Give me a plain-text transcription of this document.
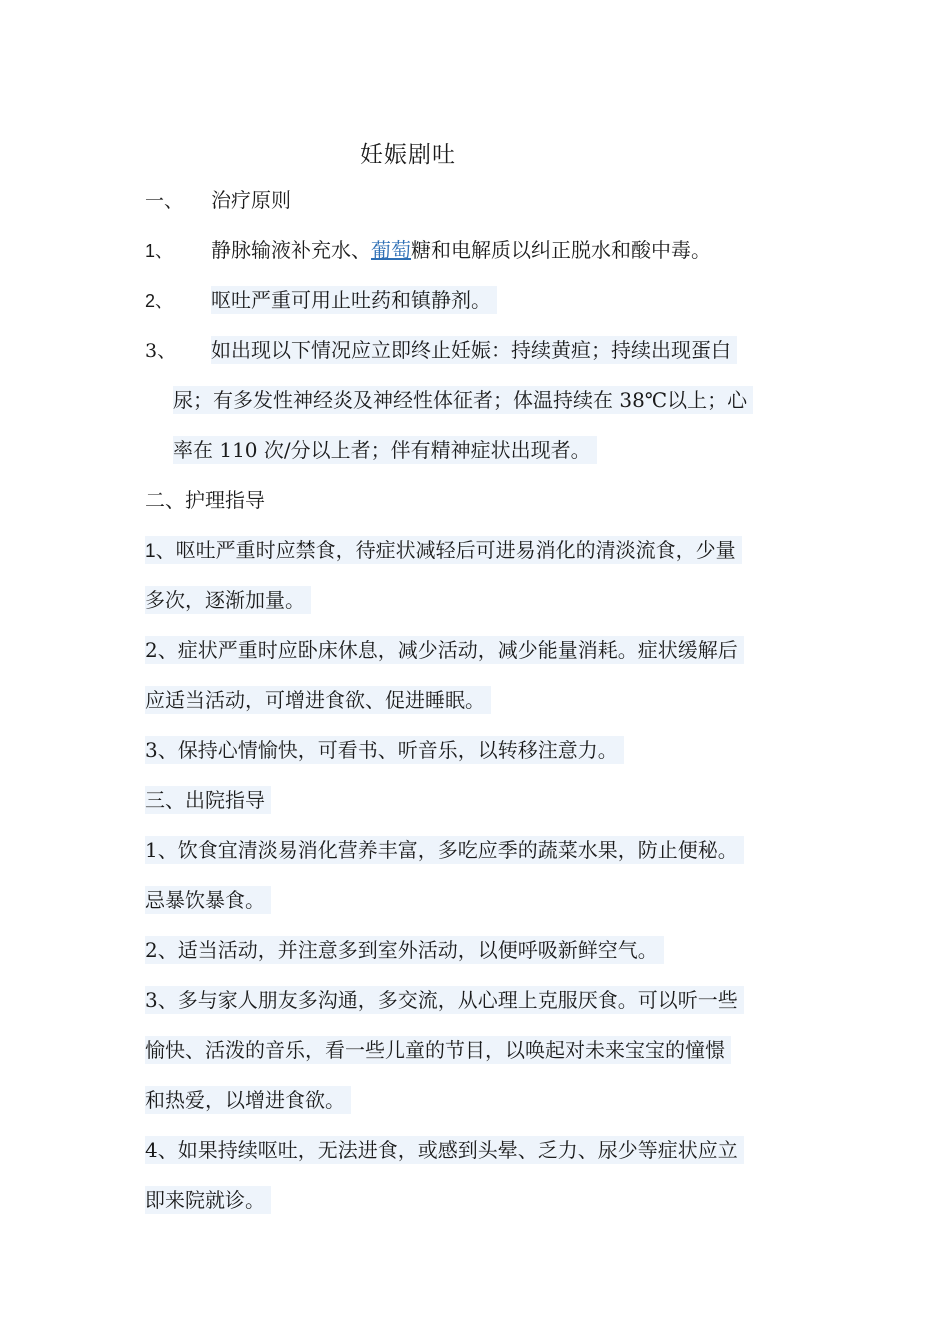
妊娠剧吐
一、 治疗原则
1、 静脉输液补充水、葡萄糖和电解质以纠正脱水和酸中毒。
2、 呕吐严重可用止吐药和镇静剂。
3、 如出现以下情况应立即终止妊娠：持续黄疸；持续出现蛋白
尿；有多发性神经炎及神经性体征者；体温持续在 38℃以上；心
率在 110 次/分以上者；伴有精神症状出现者。
二、护理指导
1、呕吐严重时应禁食，待症状减轻后可进易消化的清淡流食，少量
多次，逐渐加量。
2、症状严重时应卧床休息，减少活动，减少能量消耗。症状缓解后
应适当活动，可增进食欲、促进睡眠。
3、保持心情愉快，可看书、听音乐，以转移注意力。
三、出院指导
1、饮食宜清淡易消化营养丰富，多吃应季的蔬菜水果，防止便秘。
忌暴饮暴食。
2、适当活动，并注意多到室外活动，以便呼吸新鲜空气。
3、多与家人朋友多沟通，多交流，从心理上克服厌食。可以听一些
愉快、活泼的音乐，看一些儿童的节目，以唤起对未来宝宝的憧憬
和热爱，以增进食欲。
4、如果持续呕吐，无法进食，或感到头晕、乏力、尿少等症状应立
即来院就诊。
